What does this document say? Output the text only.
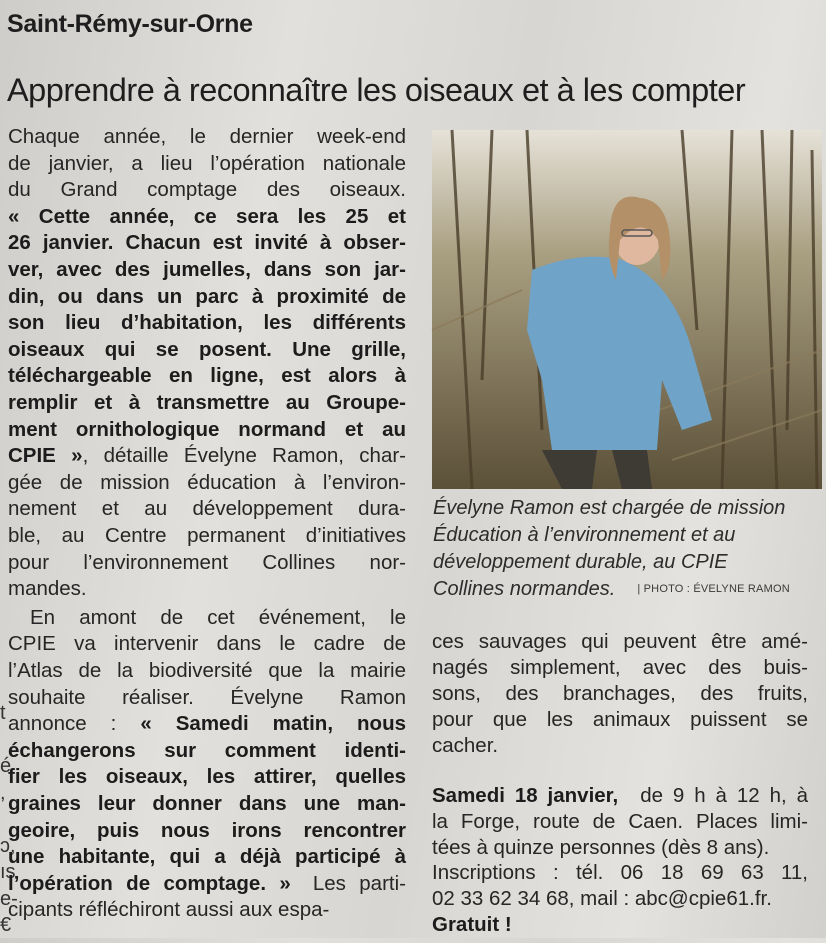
Saint-Rémy-sur-Orne
Apprendre à reconnaître les oiseaux et à les compter
t

é
,

ɔ,
ıs
e-
€
Chaque année, le dernier week-end
de janvier, a lieu l’opération nationale
du Grand comptage des oiseaux.
« Cette année, ce sera les 25 et
26 janvier. Chacun est invité à obser-
ver, avec des jumelles, dans son jar-
din, ou dans un parc à proximité de
son lieu d’habitation, les différents
oiseaux qui se posent. Une grille,
téléchargeable en ligne, est alors à
remplir et à transmettre au Groupe-
ment ornithologique normand et au
CPIE », détaille Évelyne Ramon, char-
gée de mission éducation à l’environ-
nement et au développement dura-
ble, au Centre permanent d’initiatives
pour l’environnement Collines nor-
mandes.
En amont de cet événement, le
CPIE va intervenir dans le cadre de
l’Atlas de la biodiversité que la mairie
souhaite réaliser. Évelyne Ramon
annonce : « Samedi matin, nous
échangerons sur comment identi-
fier les oiseaux, les attirer, quelles
graines leur donner dans une man-
geoire, puis nous irons rencontrer
une habitante, qui a déjà participé à
l’opération de comptage. » Les parti-
cipants réfléchiront aussi aux espa-
Évelyne Ramon est chargée de mission
Éducation à l’environnement et au
développement durable, au CPIE
Collines normandes. | PHOTO : ÉVELYNE RAMON
ces sauvages qui peuvent être amé-
nagés simplement, avec des buis-
sons, des branchages, des fruits,
pour que les animaux puissent se
cacher.
Samedi 18 janvier, de 9 h à 12 h, à
la Forge, route de Caen. Places limi-
tées à quinze personnes (dès 8 ans).
Inscriptions : tél. 06 18 69 63 11,
02 33 62 34 68, mail : abc@cpie61.fr.
Gratuit !
